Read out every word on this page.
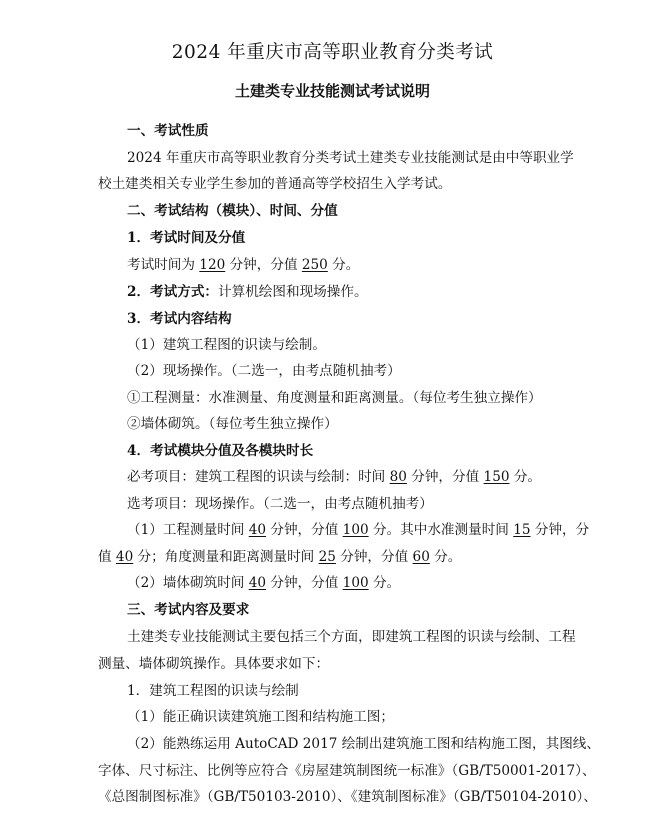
2024 年重庆市高等职业教育分类考试
土建类专业技能测试考试说明
一、考试性质
2024 年重庆市高等职业教育分类考试土建类专业技能测试是由中等职业学
校土建类相关专业学生参加的普通高等学校招生入学考试。
二、考试结构（模块）、时间、分值
1．考试时间及分值
考试时间为 120 分钟，分值 250 分。
2．考试方式：计算机绘图和现场操作。
3．考试内容结构
（1）建筑工程图的识读与绘制。
（2）现场操作。（二选一，由考点随机抽考）
①工程测量：水准测量、角度测量和距离测量。（每位考生独立操作）
②墙体砌筑。（每位考生独立操作）
4．考试模块分值及各模块时长
必考项目：建筑工程图的识读与绘制：时间 80 分钟，分值 150 分。
选考项目：现场操作。（二选一，由考点随机抽考）
（1）工程测量时间 40 分钟，分值 100 分。其中水准测量时间 15 分钟，分
值 40 分；角度测量和距离测量时间 25 分钟，分值 60 分。
（2）墙体砌筑时间 40 分钟，分值 100 分。
三、考试内容及要求
土建类专业技能测试主要包括三个方面，即建筑工程图的识读与绘制、工程
测量、墙体砌筑操作。具体要求如下：
1．建筑工程图的识读与绘制
（1）能正确识读建筑施工图和结构施工图；
（2）能熟练运用 AutoCAD 2017 绘制出建筑施工图和结构施工图，其图线、
字体、尺寸标注、比例等应符合《房屋建筑制图统一标准》（GB/T50001-2017）、
《总图制图标准》（GB/T50103-2010）、《建筑制图标准》（GB/T50104-2010）、
